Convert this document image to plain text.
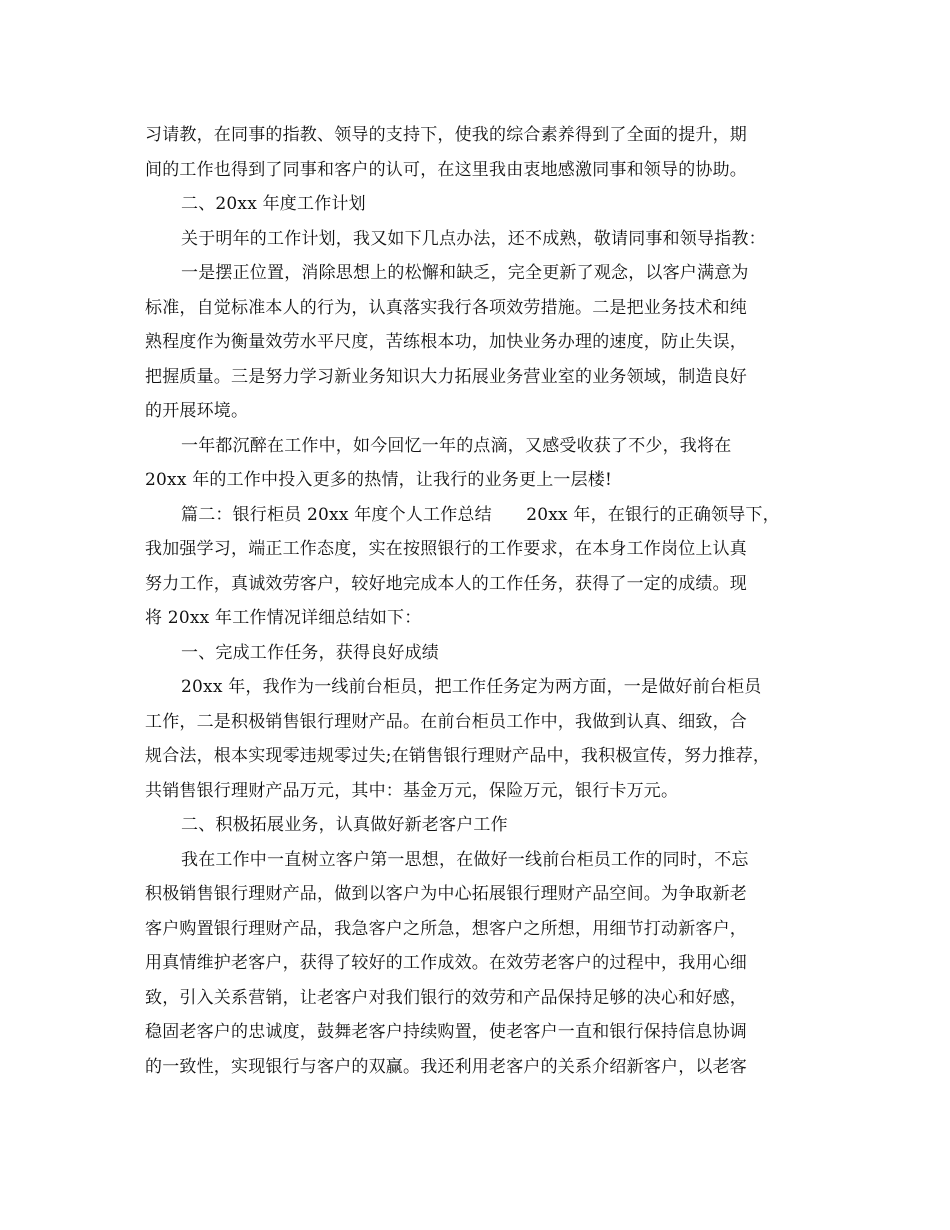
习请教，在同事的指教、领导的支持下，使我的综合素养得到了全面的提升，期
间的工作也得到了同事和客户的认可，在这里我由衷地感激同事和领导的协助。
二、20xx 年度工作计划
关于明年的工作计划，我又如下几点办法，还不成熟，敬请同事和领导指教：
一是摆正位置，消除思想上的松懈和缺乏，完全更新了观念，以客户满意为
标准，自觉标准本人的行为，认真落实我行各项效劳措施。二是把业务技术和纯
熟程度作为衡量效劳水平尺度，苦练根本功，加快业务办理的速度，防止失误，
把握质量。三是努力学习新业务知识大力拓展业务营业室的业务领域，制造良好
的开展环境。
一年都沉醉在工作中，如今回忆一年的点滴，又感受收获了不少，我将在
20xx 年的工作中投入更多的热情，让我行的业务更上一层楼!
篇二：银行柜员 20xx 年度个人工作总结　　20xx 年，在银行的正确领导下，
我加强学习，端正工作态度，实在按照银行的工作要求，在本身工作岗位上认真
努力工作，真诚效劳客户，较好地完成本人的工作任务，获得了一定的成绩。现
将 20xx 年工作情况详细总结如下：
一、完成工作任务，获得良好成绩
20xx 年，我作为一线前台柜员，把工作任务定为两方面，一是做好前台柜员
工作，二是积极销售银行理财产品。在前台柜员工作中，我做到认真、细致，合
规合法，根本实现零违规零过失;在销售银行理财产品中，我积极宣传，努力推荐，
共销售银行理财产品万元，其中：基金万元，保险万元，银行卡万元。
二、积极拓展业务，认真做好新老客户工作
我在工作中一直树立客户第一思想，在做好一线前台柜员工作的同时，不忘
积极销售银行理财产品，做到以客户为中心拓展银行理财产品空间。为争取新老
客户购置银行理财产品，我急客户之所急，想客户之所想，用细节打动新客户，
用真情维护老客户，获得了较好的工作成效。在效劳老客户的过程中，我用心细
致，引入关系营销，让老客户对我们银行的效劳和产品保持足够的决心和好感，
稳固老客户的忠诚度，鼓舞老客户持续购置，使老客户一直和银行保持信息协调
的一致性，实现银行与客户的双赢。我还利用老客户的关系介绍新客户，以老客
